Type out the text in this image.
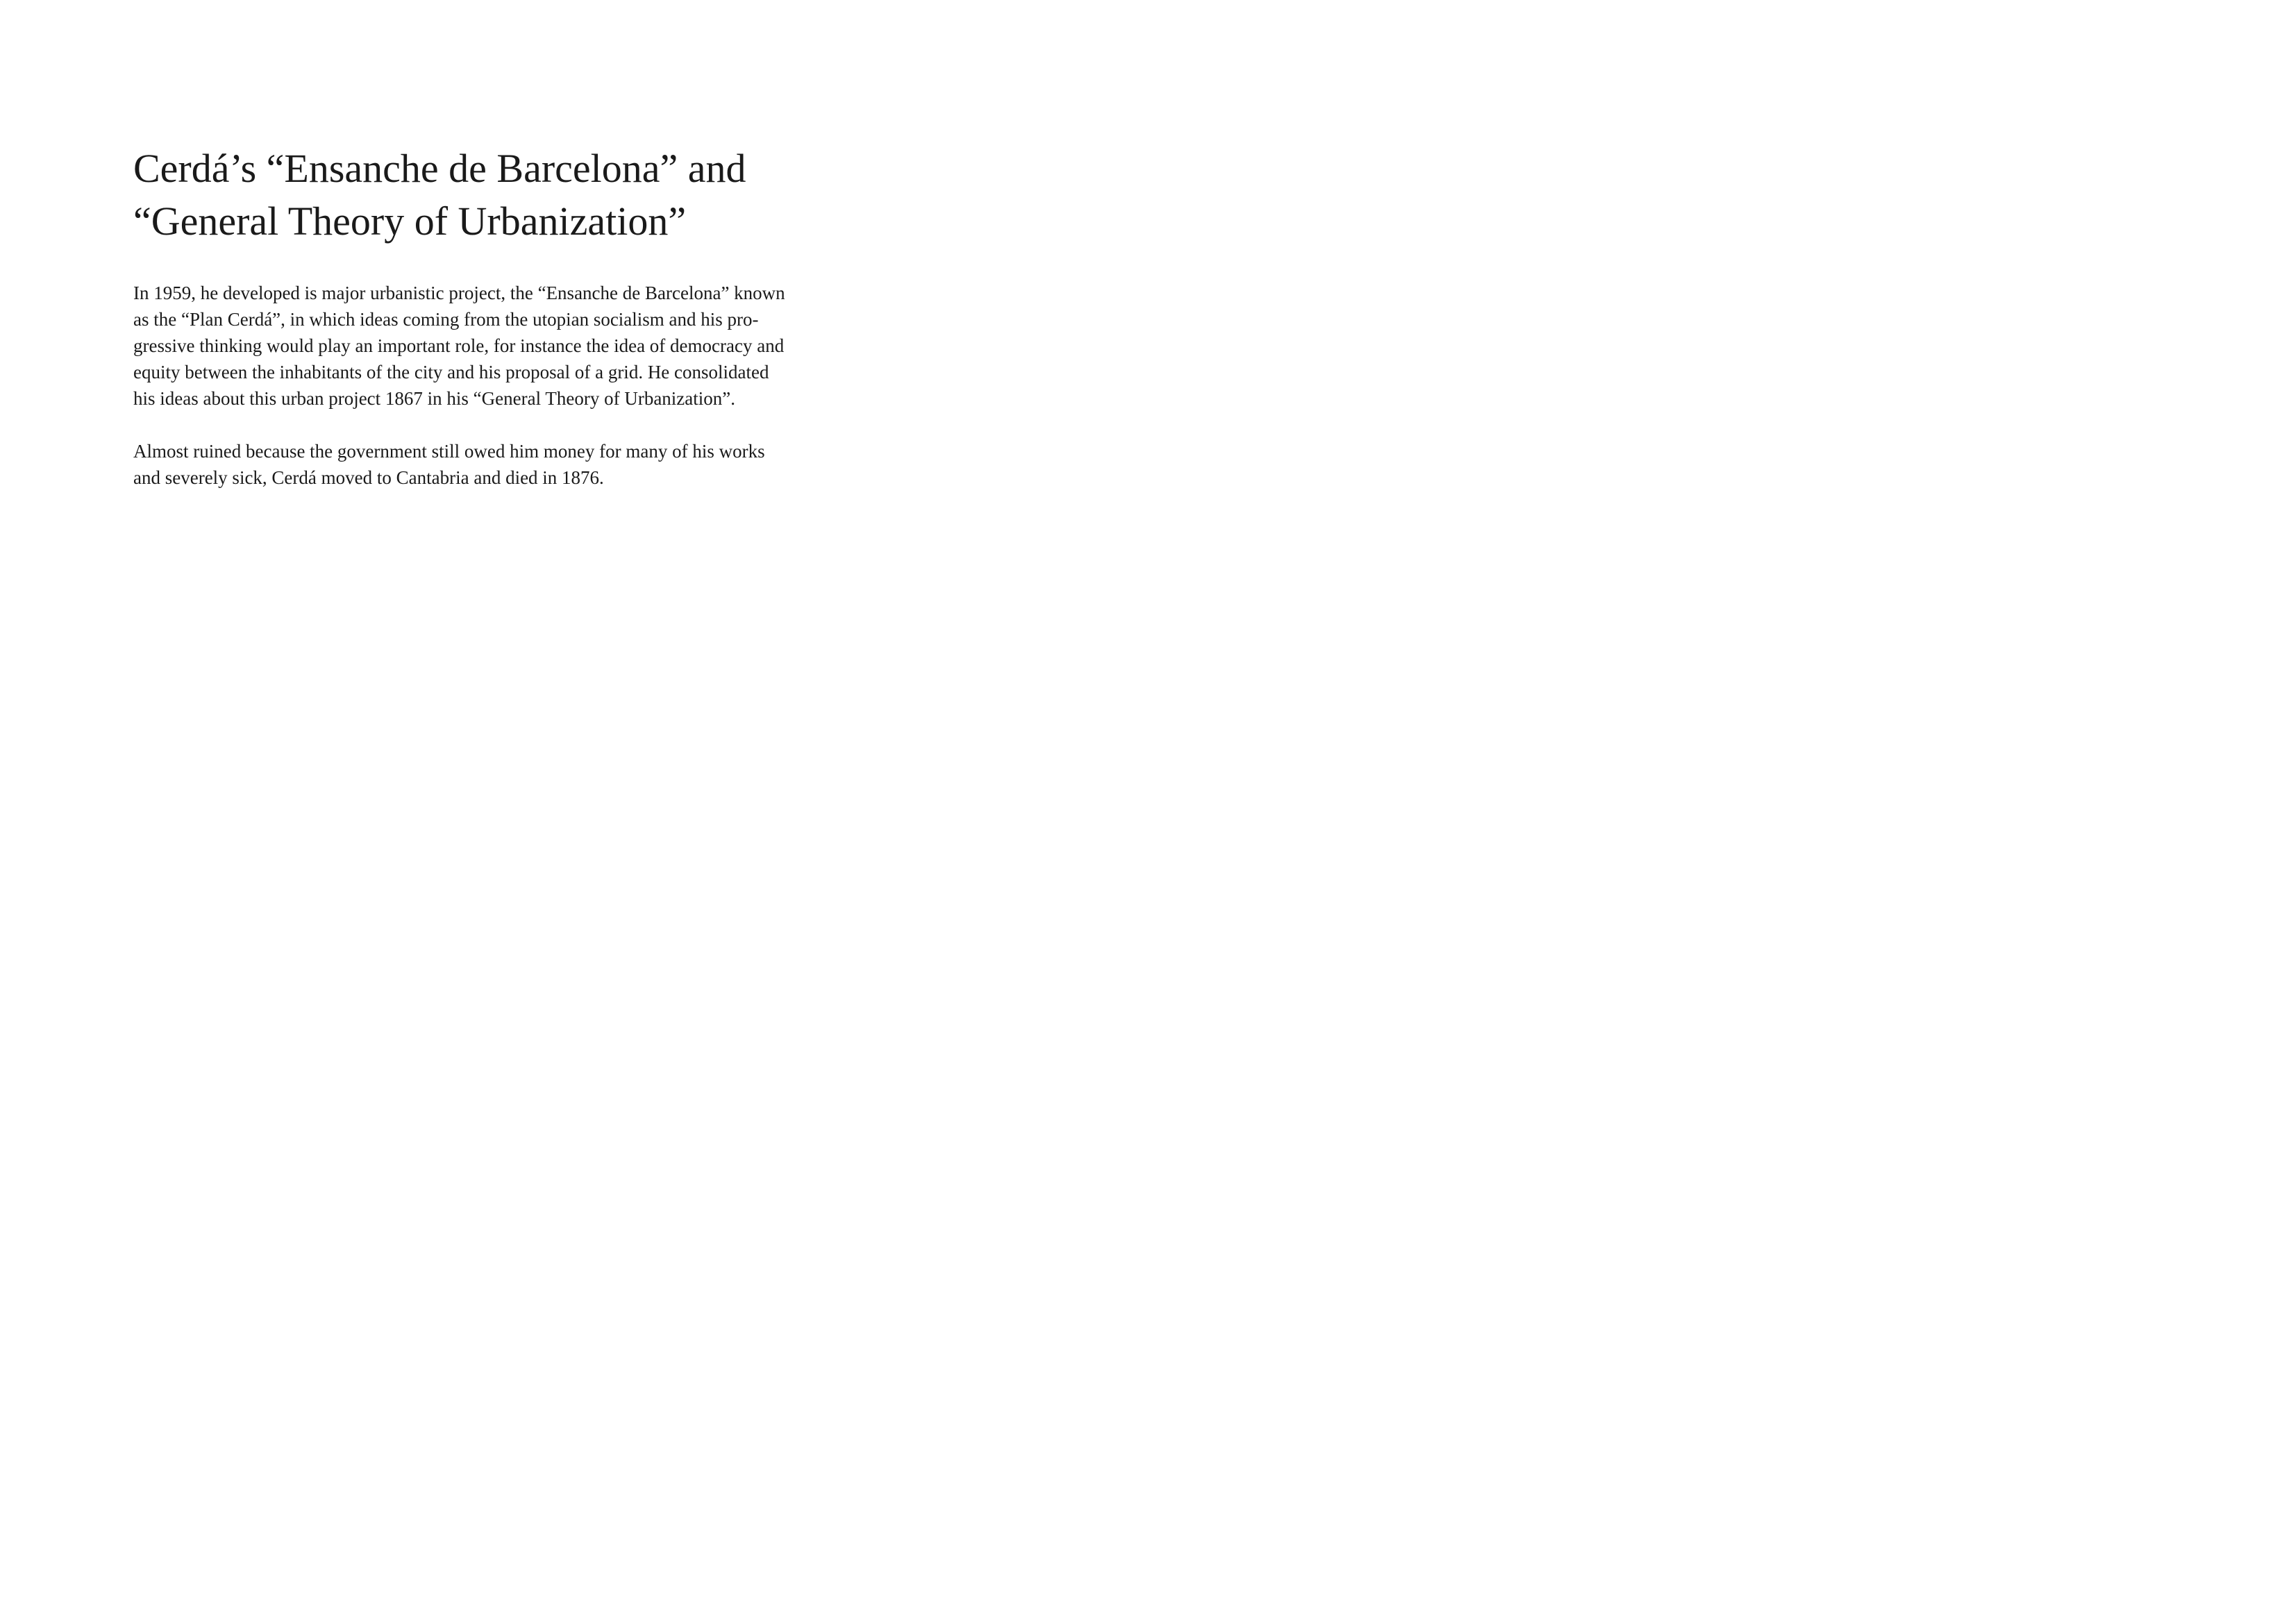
Cerdá’s “Ensanche de Barcelona” and
“General Theory of Urbanization”

In 1959, he developed is major urbanistic project, the “Ensanche de Barcelona” known
as the “Plan Cerdá”, in which ideas coming from the utopian socialism and his pro-
gressive thinking would play an important role, for instance the idea of democracy and
equity between the inhabitants of the city and his proposal of a grid. He consolidated
his ideas about this urban project 1867 in his “General Theory of Urbanization”.

Almost ruined because the government still owed him money for many of his works
and severely sick, Cerdá moved to Cantabria and died in 1876.
